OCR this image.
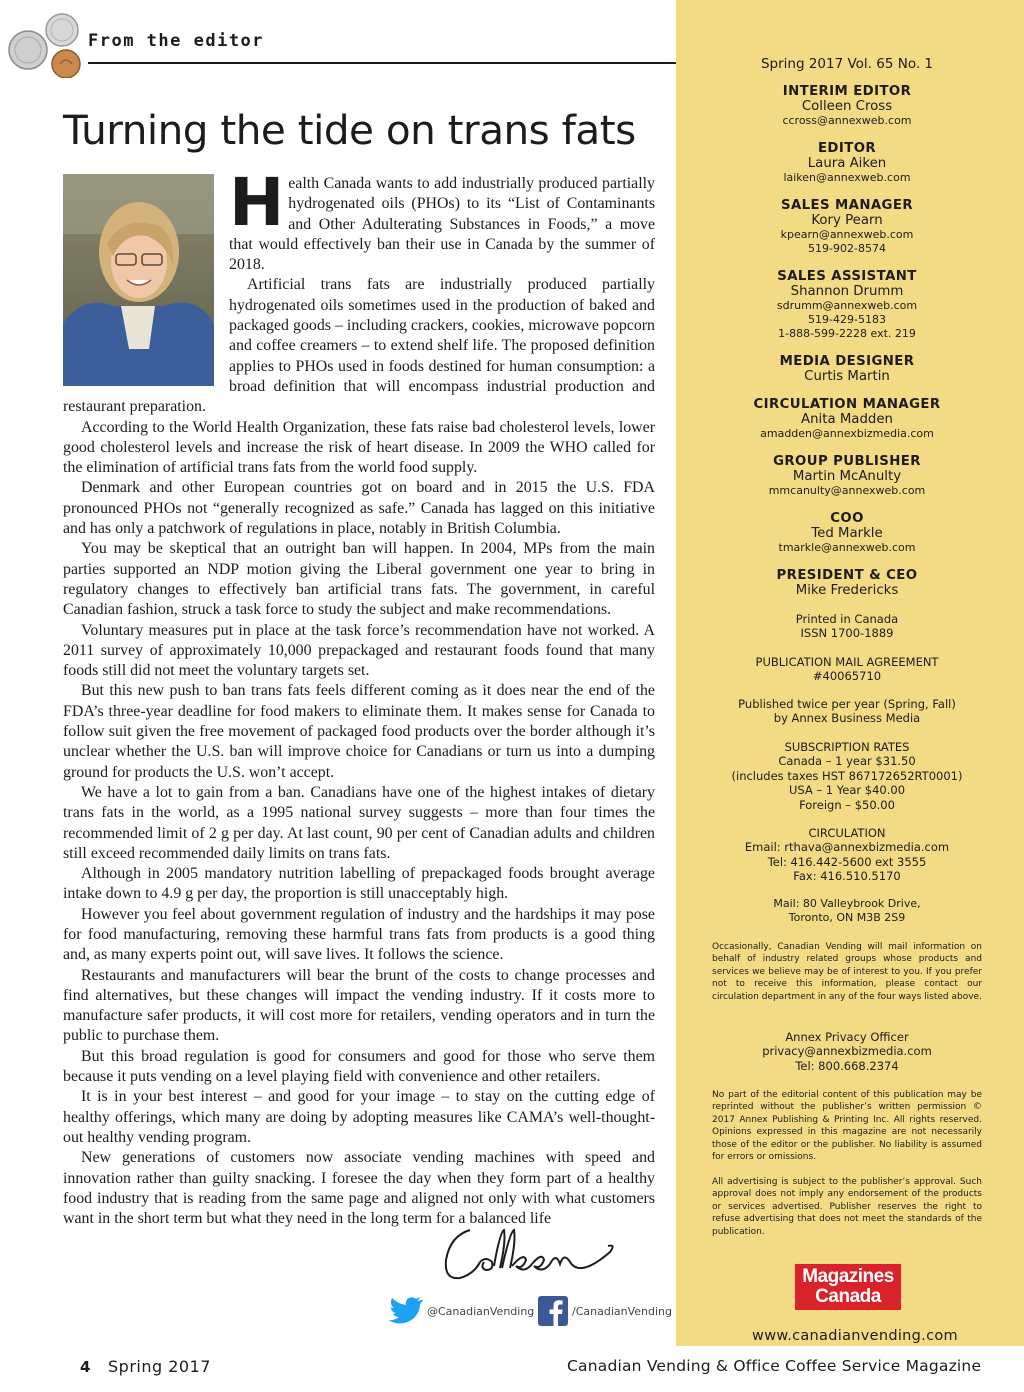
From the editor
Turning the tide on trans fats

Health Canada wants to add industrially produced partially hydrogenated oils (PHOs) to its “List of Contaminants and Other Adulterating Substances in Foods,” a move that would effectively ban their use in Canada by the summer of 2018.

Artificial trans fats are industrially produced partially hydrogenated oils sometimes used in the production of baked and packaged goods – including crackers, cookies, microwave popcorn and coffee creamers – to extend shelf life. The proposed definition applies to PHOs used in foods destined for human consumption: a broad definition that will encompass industrial production and restaurant preparation.

According to the World Health Organization, these fats raise bad cholesterol levels, lower good cholesterol levels and increase the risk of heart disease. In 2009 the WHO called for the elimination of artificial trans fats from the world food supply.

Denmark and other European countries got on board and in 2015 the U.S. FDA pronounced PHOs not “generally recognized as safe.” Canada has lagged on this initiative and has only a patchwork of regulations in place, notably in British Columbia.

You may be skeptical that an outright ban will happen. In 2004, MPs from the main parties supported an NDP motion giving the Liberal government one year to bring in regulatory changes to effectively ban artificial trans fats. The government, in careful Canadian fashion, struck a task force to study the subject and make recommendations.

Voluntary measures put in place at the task force’s recommendation have not worked. A 2011 survey of approximately 10,000 prepackaged and restaurant foods found that many foods still did not meet the voluntary targets set.

But this new push to ban trans fats feels different coming as it does near the end of the FDA’s three-year deadline for food makers to eliminate them. It makes sense for Canada to follow suit given the free movement of packaged food products over the border although it’s unclear whether the U.S. ban will improve choice for Canadians or turn us into a dumping ground for products the U.S. won’t accept.

We have a lot to gain from a ban. Canadians have one of the highest intakes of dietary trans fats in the world, as a 1995 national survey suggests – more than four times the recommended limit of 2 g per day. At last count, 90 per cent of Canadian adults and children still exceed recommended daily limits on trans fats.

Although in 2005 mandatory nutrition labelling of prepackaged foods brought average intake down to 4.9 g per day, the proportion is still unacceptably high.

However you feel about government regulation of industry and the hardships it may pose for food manufacturing, removing these harmful trans fats from products is a good thing and, as many experts point out, will save lives. It follows the science.

Restaurants and manufacturers will bear the brunt of the costs to change processes and find alternatives, but these changes will impact the vending industry. If it costs more to manufacture safer products, it will cost more for retailers, vending operators and in turn the public to purchase them.

But this broad regulation is good for consumers and good for those who serve them because it puts vending on a level playing field with convenience and other retailers.

It is in your best interest – and good for your image – to stay on the cutting edge of healthy offerings, which many are doing by adopting measures like CAMA’s well-thought-out healthy vending program.

New generations of customers now associate vending machines with speed and innovation rather than guilty snacking. I foresee the day when they form part of a healthy food industry that is reading from the same page and aligned not only with what customers want in the short term but what they need in the long term for a balanced life

@CanadianVending	/CanadianVending
4 Spring 2017	Canadian Vending & Office Coffee Service Magazine
Spring 2017 Vol. 65 No. 1
INTERIM EDITOR
Colleen Cross
ccross@annexweb.com
EDITOR
Laura Aiken
laiken@annexweb.com
SALES MANAGER
Kory Pearn
kpearn@annexweb.com
519-902-8574
SALES ASSISTANT
Shannon Drumm
sdrumm@annexweb.com
519-429-5183
1-888-599-2228 ext. 219
MEDIA DESIGNER
Curtis Martin
CIRCULATION MANAGER
Anita Madden
amadden@annexbizmedia.com
GROUP PUBLISHER
Martin McAnulty
mmcanulty@annexweb.com
COO
Ted Markle
tmarkle@annexweb.com
PRESIDENT & CEO
Mike Fredericks
Printed in Canada
ISSN 1700-1889
PUBLICATION MAIL AGREEMENT
#40065710
Published twice per year (Spring, Fall)
by Annex Business Media
SUBSCRIPTION RATES
Canada – 1 year $31.50
(includes taxes HST 867172652RT0001)
USA – 1 Year $40.00
Foreign – $50.00
CIRCULATION
Email: rthava@annexbizmedia.com
Tel: 416.442-5600 ext 3555
Fax: 416.510.5170
Mail: 80 Valleybrook Drive,
Toronto, ON M3B 2S9
Occasionally, Canadian Vending will mail information on behalf of industry related groups whose products and services we believe may be of interest to you. If you prefer not to receive this information, please contact our circulation department in any of the four ways listed above.
Annex Privacy Officer
privacy@annexbizmedia.com
Tel: 800.668.2374
No part of the editorial content of this publication may be reprinted without the publisher’s written permission © 2017 Annex Publishing & Printing Inc. All rights reserved. Opinions expressed in this magazine are not necessarily those of the editor or the publisher. No liability is assumed for errors or omissions.
All advertising is subject to the publisher’s approval. Such approval does not imply any endorsement of the products or services advertised. Publisher reserves the right to refuse advertising that does not meet the standards of the publication.
Magazines
Canada
www.canadianvending.com
